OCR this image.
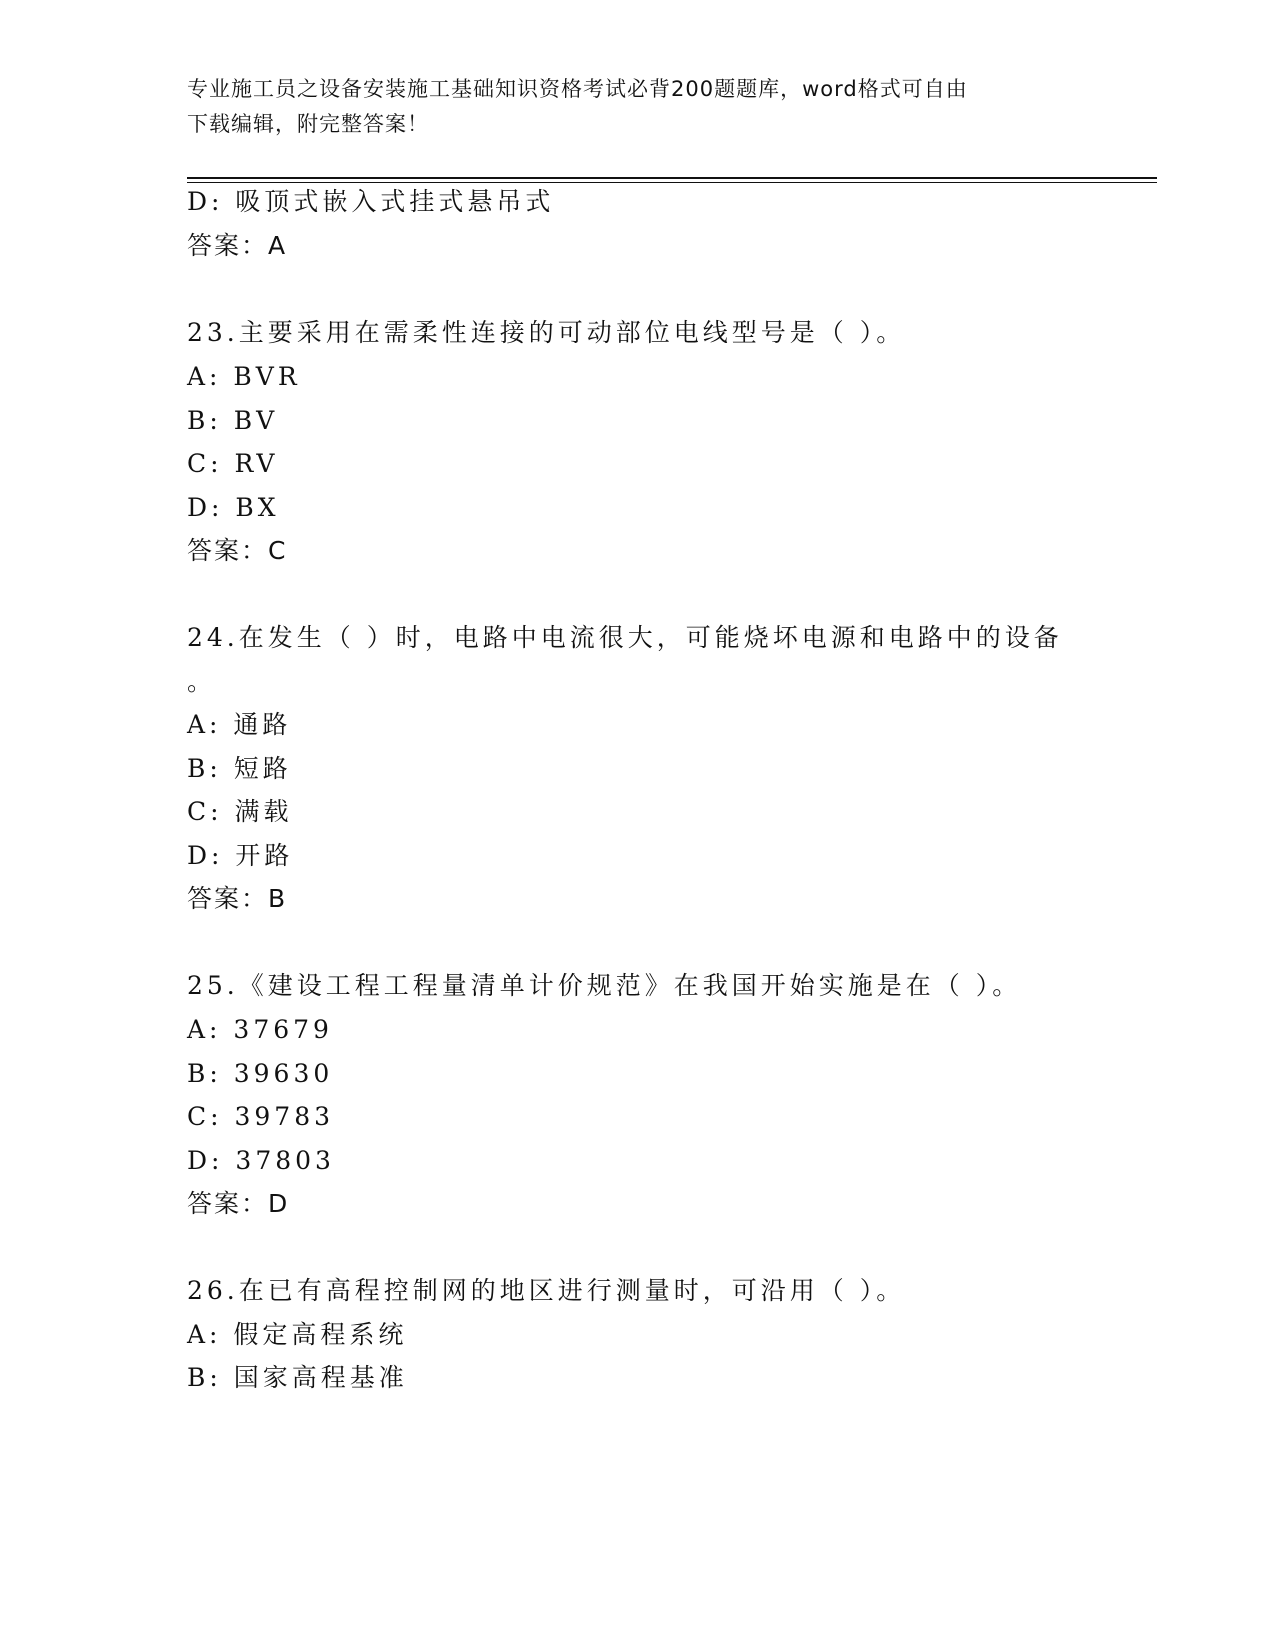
专业施工员之设备安装施工基础知识资格考试必背200题题库，word格式可自由
下载编辑，附完整答案！
D: 吸顶式嵌入式挂式悬吊式
答案：A
23.主要采用在需柔性连接的可动部位电线型号是（ ）。
A: BVR
B: BV
C: RV
D: BX
答案：C
24.在发生（ ）时，电路中电流很大，可能烧坏电源和电路中的设备
。
A: 通路
B: 短路
C: 满载
D: 开路
答案：B
25.《建设工程工程量清单计价规范》在我国开始实施是在（ ）。
A: 37679
B: 39630
C: 39783
D: 37803
答案：D
26.在已有高程控制网的地区进行测量时，可沿用（ ）。
A: 假定高程系统
B: 国家高程基准
